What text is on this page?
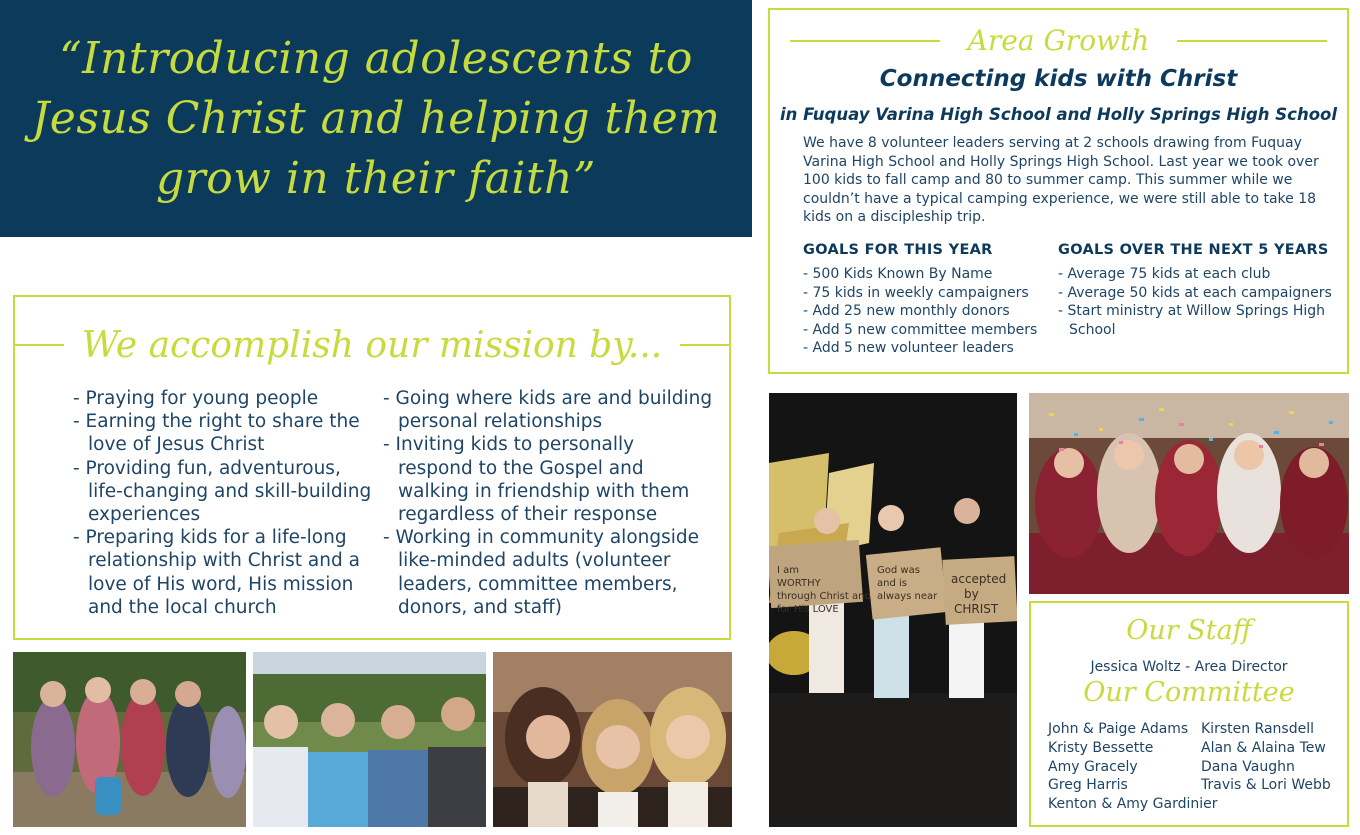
“Introducing adolescents to Jesus Christ and helping them grow in their faith”
We accomplish our mission by...
- Praying for young people
- Earning the right to share the love of Jesus Christ
- Providing fun, adventurous, life-changing and skill-building experiences
- Preparing kids for a life-long relationship with Christ and a love of His word, His mission and the local church
- Going where kids are and building personal relationships
- Inviting kids to personally respond to the Gospel and walking in friendship with them regardless of their response
- Working in community alongside like-minded adults (volunteer leaders, committee members, donors, and staff)
Area Growth
Connecting kids with Christ
in Fuquay Varina High School and Holly Springs High School

We have 8 volunteer leaders serving at 2 schools drawing from Fuquay Varina High School and Holly Springs High School. Last year we took over 100 kids to fall camp and 80 to summer camp. This summer while we couldn’t have a typical camping experience, we were still able to take 18 kids on a discipleship trip.

GOALS FOR THIS YEAR	GOALS OVER THE NEXT 5 YEARS
- 500 Kids Known By Name
- 75 kids in weekly campaigners
- Add 25 new monthly donors
- Add 5 new committee members
- Add 5 new volunteer leaders
- Average 75 kids at each club
- Average 50 kids at each campaigners
- Start ministry at Willow Springs High School
I am WORTHY through Christ and for His LOVE
God was and is always near
accepted by CHRIST
Our Staff
Jessica Woltz - Area Director
Our Committee
John & Paige Adams
Kristy Bessette
Amy Gracely
Greg Harris
Kenton & Amy Gardinier
Kirsten Ransdell
Alan & Alaina Tew
Dana Vaughn
Travis & Lori Webb
